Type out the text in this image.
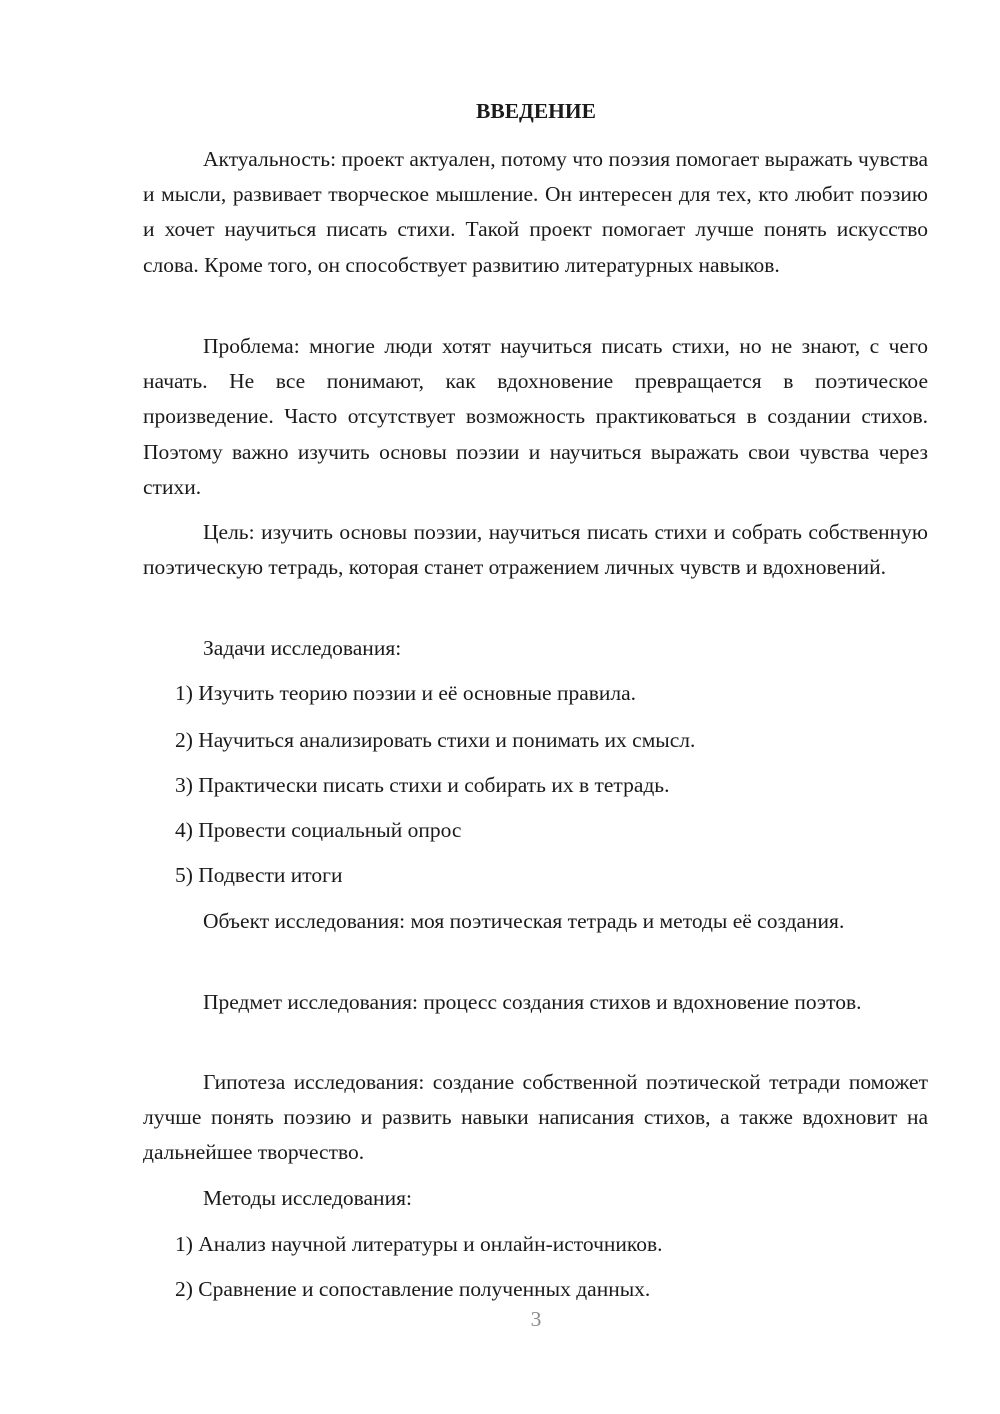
ВВЕДЕНИЕ

Актуальность: проект актуален, потому что поэзия помогает выражать чувства и мысли, развивает творческое мышление. Он интересен для тех, кто любит поэзию и хочет научиться писать стихи. Такой проект помогает лучше понять искусство слова. Кроме того, он способствует развитию литературных навыков.

Проблема: многие люди хотят научиться писать стихи, но не знают, с чего начать. Не все понимают, как вдохновение превращается в поэтическое произведение. Часто отсутствует возможность практиковаться в создании стихов. Поэтому важно изучить основы поэзии и научиться выражать свои чувства через стихи.

Цель: изучить основы поэзии, научиться писать стихи и собрать собственную поэтическую тетрадь, которая станет отражением личных чувств и вдохновений.

Задачи исследования:
1) Изучить теорию поэзии и её основные правила.
2) Научиться анализировать стихи и понимать их смысл.
3) Практически писать стихи и собирать их в тетрадь.
4) Провести социальный опрос
5) Подвести итоги

Объект исследования: моя поэтическая тетрадь и методы её создания.

Предмет исследования: процесс создания стихов и вдохновение поэтов.

Гипотеза исследования: создание собственной поэтической тетради поможет лучше понять поэзию и развить навыки написания стихов, а также вдохновит на дальнейшее творчество.

Методы исследования:
1) Анализ научной литературы и онлайн-источников.
2) Сравнение и сопоставление полученных данных.
3
